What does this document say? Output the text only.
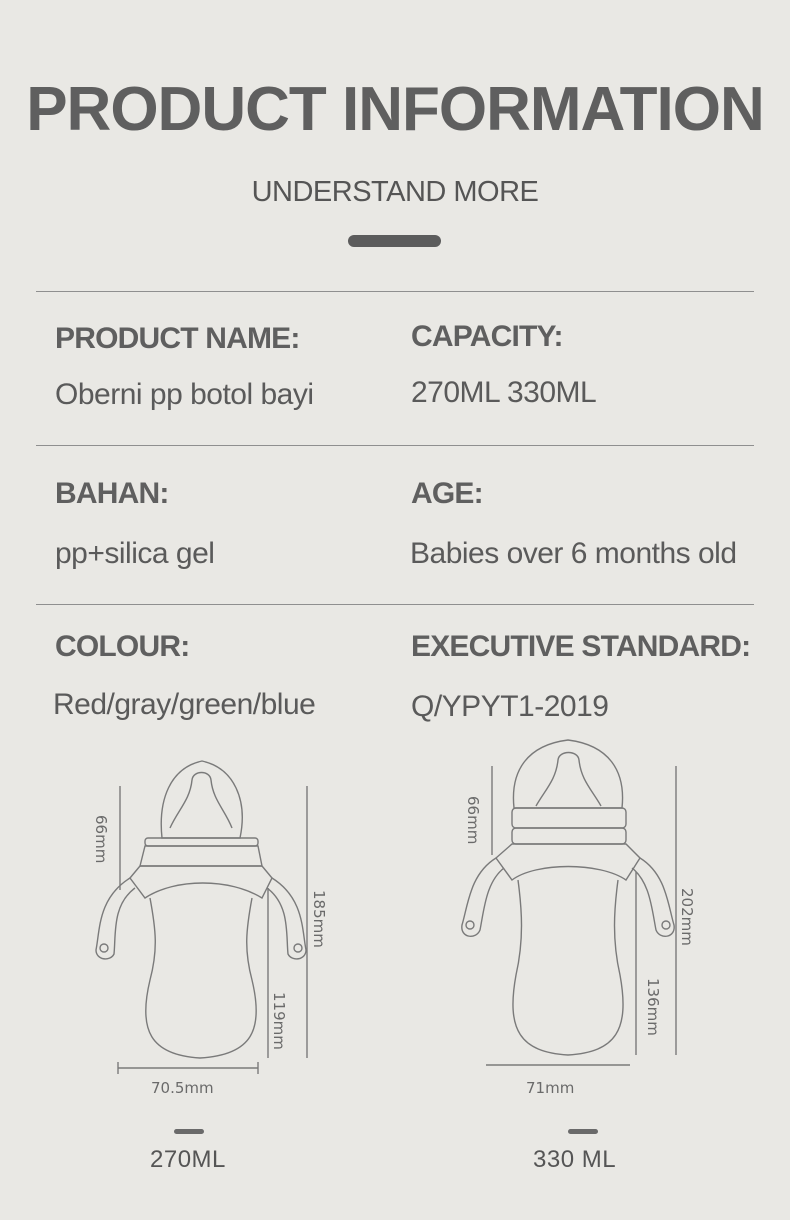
PRODUCT INFORMATION
UNDERSTAND MORE
PRODUCT NAME:
Oberni pp botol bayi
CAPACITY:
270ML 330ML
BAHAN:
pp+silica gel
AGE:
Babies over 6 months old
COLOUR:
Red/gray/green/blue
EXECUTIVE STANDARD:
Q/YPYT1-2019
66mm
185mm
119mm
70.5mm
66mm
202mm
136mm
71mm
270ML	330 ML
